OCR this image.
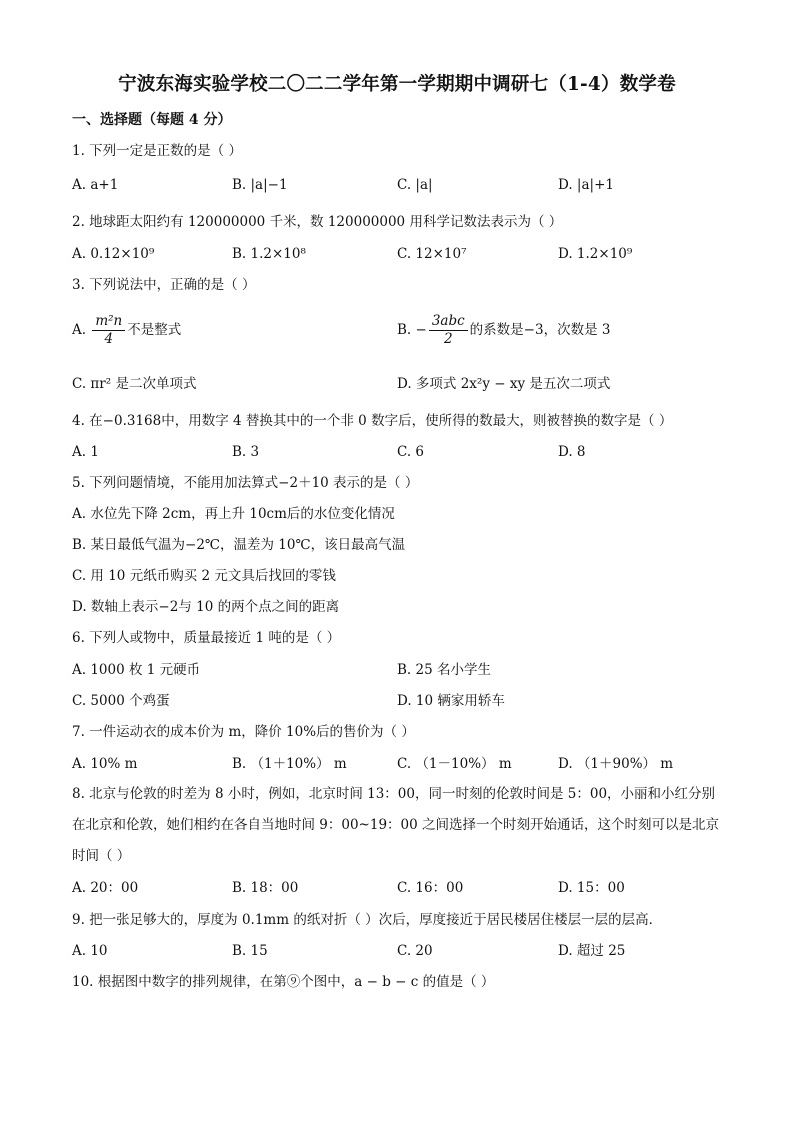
宁波东海实验学校二〇二二学年第一学期期中调研七（1-4）数学卷
一、选择题（每题 4 分）
1. 下列一定是正数的是（ ）
A. a+1	B. |a|−1	C. |a|	D. |a|+1
2. 地球距太阳约有 120000000 千米，数 120000000 用科学记数法表示为（ ）
A. 0.12×10⁹	B. 1.2×10⁸	C. 12×10⁷	D. 1.2×10⁹
3. 下列说法中，正确的是（ ）
A. $\frac{\text{m²n}}{4}$ 不是整式	B. − $\frac{\text{3abc}}{2}$ 的系数是−3，次数是 3
C. πr² 是二次单项式	D. 多项式 2x²y − xy 是五次二项式
4. 在−0.3168中，用数字 4 替换其中的一个非 0 数字后，使所得的数最大，则被替换的数字是（ ）
A. 1	B. 3	C. 6	D. 8
5. 下列问题情境，不能用加法算式−2＋10 表示的是（ ）
A. 水位先下降 2cm，再上升 10cm后的水位变化情况
B. 某日最低气温为−2℃，温差为 10℃，该日最高气温
C. 用 10 元纸币购买 2 元文具后找回的零钱
D. 数轴上表示−2与 10 的两个点之间的距离
6. 下列人或物中，质量最接近 1 吨的是（ ）
A. 1000 枚 1 元硬币	B. 25 名小学生
C. 5000 个鸡蛋	D. 10 辆家用轿车
7. 一件运动衣的成本价为 m，降价 10%后的售价为（ ）
A. 10% m	B. （1＋10%） m	C. （1－10%） m	D. （1＋90%） m
8. 北京与伦敦的时差为 8 小时，例如，北京时间 13：00，同一时刻的伦敦时间是 5：00，小丽和小红分别在北京和伦敦，她们相约在各自当地时间 9：00~19：00 之间选择一个时刻开始通话，这个时刻可以是北京时间（ ）
A. 20：00	B. 18：00	C. 16：00	D. 15：00
9. 把一张足够大的，厚度为 0.1mm 的纸对折（ ）次后，厚度接近于居民楼居住楼层一层的层高．
A. 10	B. 15	C. 20	D. 超过 25
10. 根据图中数字的排列规律，在第⑨个图中，a − b − c 的值是（ ）
